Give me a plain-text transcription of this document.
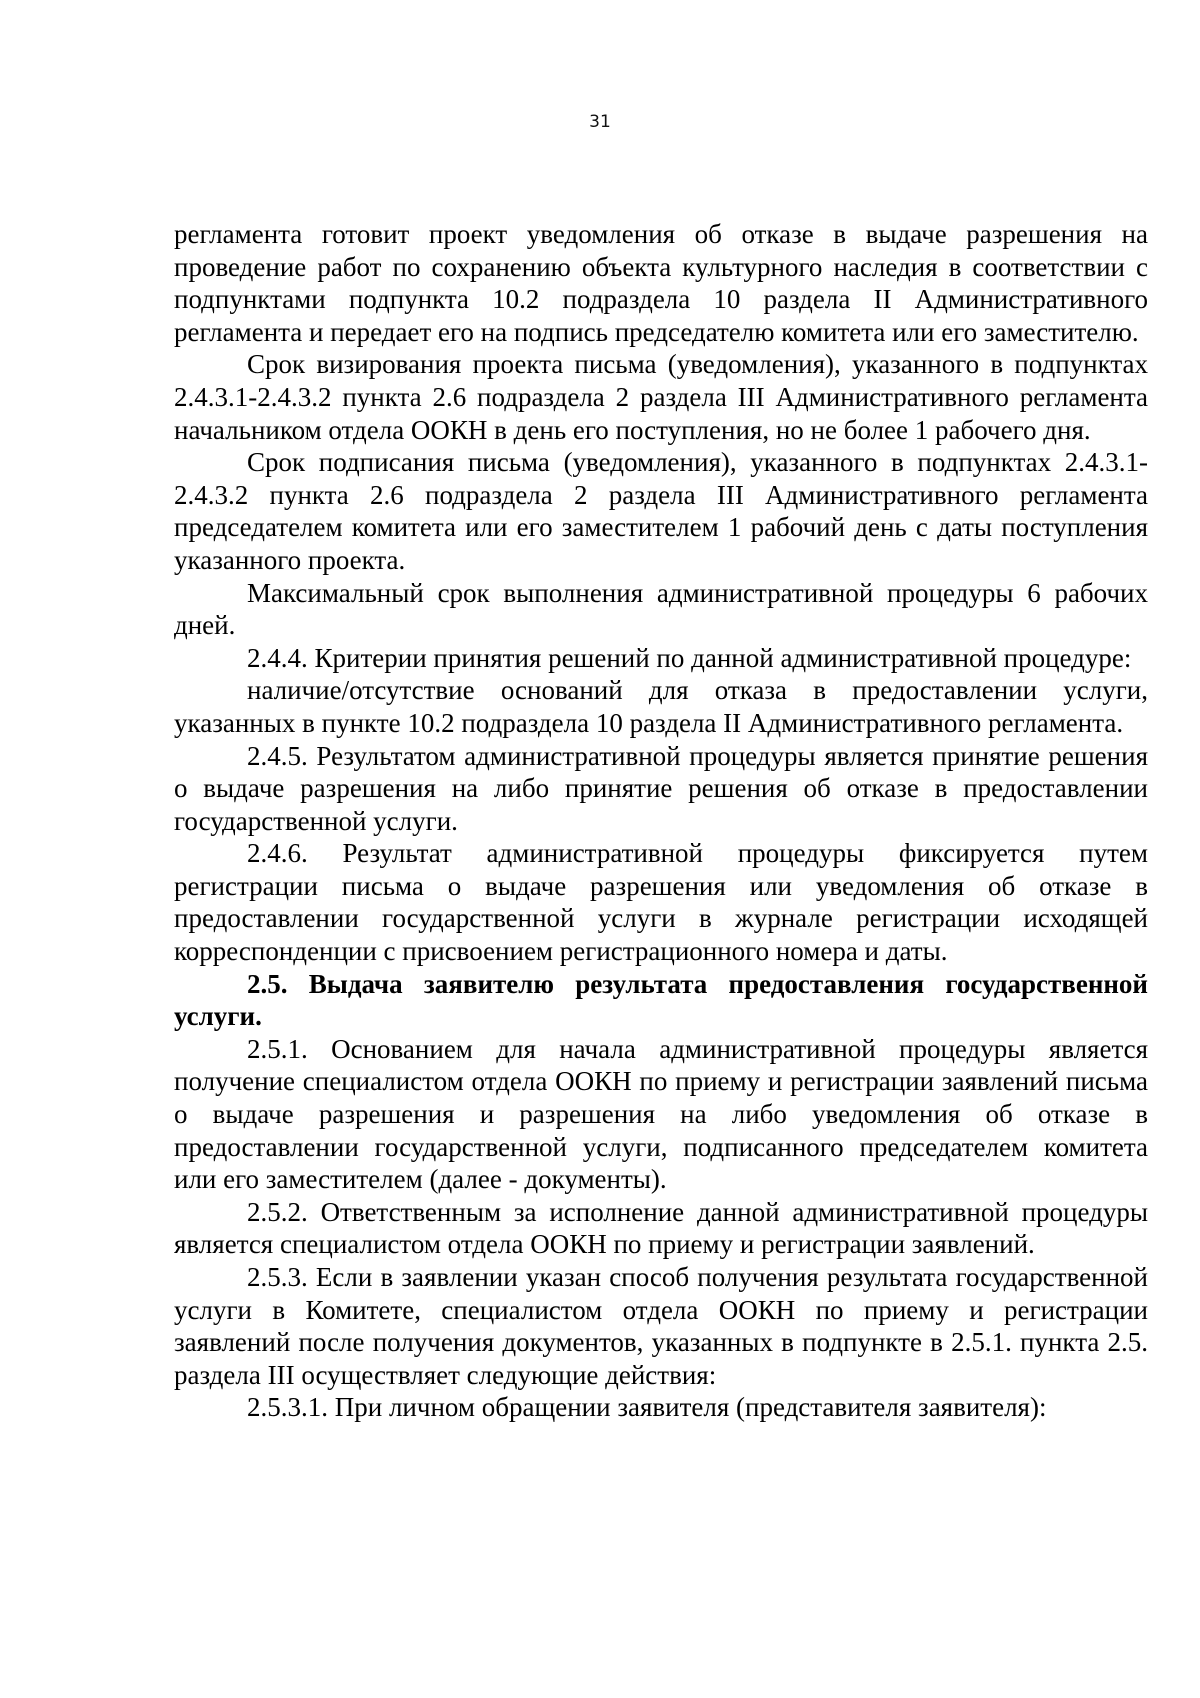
31

регламента готовит проект уведомления об отказе в выдаче разрешения на проведение работ по сохранению объекта культурного наследия в соответствии с подпунктами подпункта 10.2 подраздела 10 раздела II Административного регламента и передает его на подпись председателю комитета или его заместителю.

Срок визирования проекта письма (уведомления), указанного в подпунктах 2.4.3.1-2.4.3.2 пункта 2.6 подраздела 2 раздела III Административного регламента начальником отдела ООКН в день его поступления, но не более 1 рабочего дня.

Срок подписания письма (уведомления), указанного в подпунктах 2.4.3.1-2.4.3.2 пункта 2.6 подраздела 2 раздела III Административного регламента председателем комитета или его заместителем 1 рабочий день с даты поступления указанного проекта.

Максимальный срок выполнения административной процедуры 6 рабочих дней.

2.4.4. Критерии принятия решений по данной административной процедуре:

наличие/отсутствие оснований для отказа в предоставлении услуги, указанных в пункте 10.2 подраздела 10 раздела II Административного регламента.

2.4.5. Результатом административной процедуры является принятие решения о выдаче разрешения на либо принятие решения об отказе в предоставлении государственной услуги.

2.4.6. Результат административной процедуры фиксируется путем регистрации письма о выдаче разрешения или уведомления об отказе в предоставлении государственной услуги в журнале регистрации исходящей корреспонденции с присвоением регистрационного номера и даты.

2.5. Выдача заявителю результата предоставления государственной услуги.

2.5.1. Основанием для начала административной процедуры является получение специалистом отдела ООКН по приему и регистрации заявлений письма о выдаче разрешения и разрешения на либо уведомления об отказе в предоставлении государственной услуги, подписанного председателем комитета или его заместителем (далее - документы).

2.5.2. Ответственным за исполнение данной административной процедуры является специалистом отдела ООКН по приему и регистрации заявлений.

2.5.3. Если в заявлении указан способ получения результата государственной услуги в Комитете, специалистом отдела ООКН по приему и регистрации заявлений после получения документов, указанных в подпункте в 2.5.1. пункта 2.5. раздела III осуществляет следующие действия:

2.5.3.1. При личном обращении заявителя (представителя заявителя):
